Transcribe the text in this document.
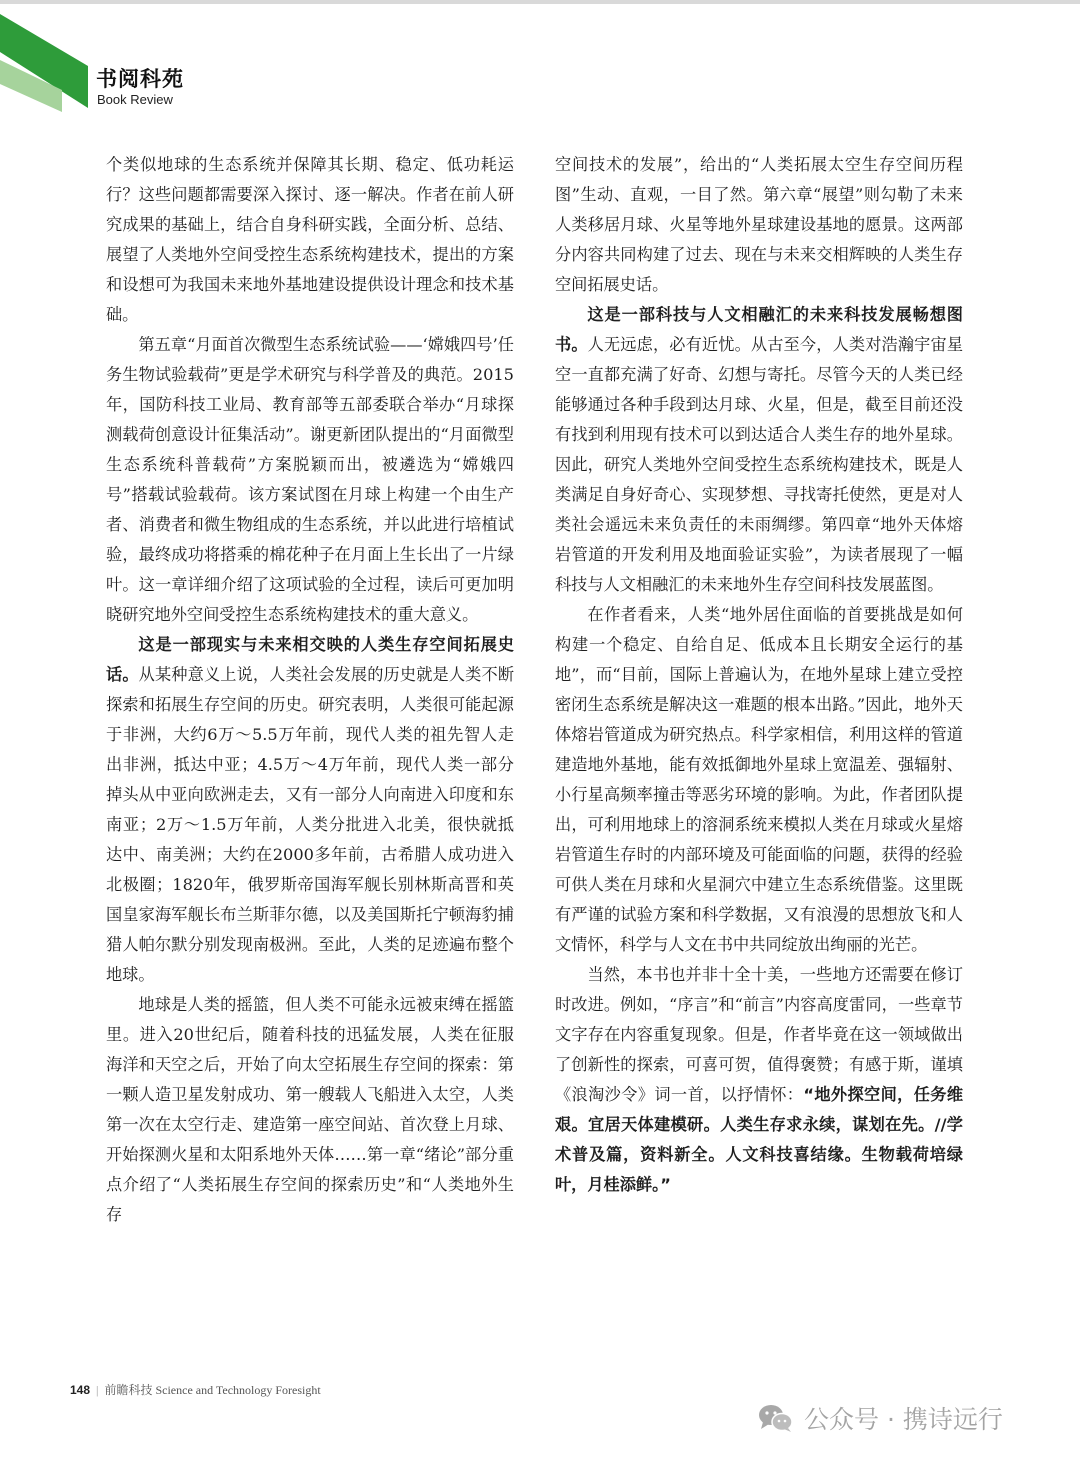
书阅科苑
Book Review

个类似地球的生态系统并保障其长期、稳定、低功耗运行？这些问题都需要深入探讨、逐一解决。作者在前人研究成果的基础上，结合自身科研实践，全面分析、总结、展望了人类地外空间受控生态系统构建技术，提出的方案和设想可为我国未来地外基地建设提供设计理念和技术基础。

第五章“月面首次微型生态系统试验——‘嫦娥四号’任务生物试验载荷”更是学术研究与科学普及的典范。2015年，国防科技工业局、教育部等五部委联合举办“月球探测载荷创意设计征集活动”。谢更新团队提出的“月面微型生态系统科普载荷”方案脱颖而出，被遴选为“嫦娥四号”搭载试验载荷。该方案试图在月球上构建一个由生产者、消费者和微生物组成的生态系统，并以此进行培植试验，最终成功将搭乘的棉花种子在月面上生长出了一片绿叶。这一章详细介绍了这项试验的全过程，读后可更加明晓研究地外空间受控生态系统构建技术的重大意义。

这是一部现实与未来相交映的人类生存空间拓展史话。从某种意义上说，人类社会发展的历史就是人类不断探索和拓展生存空间的历史。研究表明，人类很可能起源于非洲，大约6万～5.5万年前，现代人类的祖先智人走出非洲，抵达中亚；4.5万～4万年前，现代人类一部分掉头从中亚向欧洲走去，又有一部分人向南进入印度和东南亚；2万～1.5万年前，人类分批进入北美，很快就抵达中、南美洲；大约在2000多年前，古希腊人成功进入北极圈；1820年，俄罗斯帝国海军舰长别林斯高晋和英国皇家海军舰长布兰斯菲尔德，以及美国斯托宁顿海豹捕猎人帕尔默分别发现南极洲。至此，人类的足迹遍布整个地球。

地球是人类的摇篮，但人类不可能永远被束缚在摇篮里。进入20世纪后，随着科技的迅猛发展，人类在征服海洋和天空之后，开始了向太空拓展生存空间的探索：第一颗人造卫星发射成功、第一艘载人飞船进入太空，人类第一次在太空行走、建造第一座空间站、首次登上月球、开始探测火星和太阳系地外天体……第一章“绪论”部分重点介绍了“人类拓展生存空间的探索历史”和“人类地外生存

空间技术的发展”，给出的“人类拓展太空生存空间历程图”生动、直观，一目了然。第六章“展望”则勾勒了未来人类移居月球、火星等地外星球建设基地的愿景。这两部分内容共同构建了过去、现在与未来交相辉映的人类生存空间拓展史话。

这是一部科技与人文相融汇的未来科技发展畅想图书。人无远虑，必有近忧。从古至今，人类对浩瀚宇宙星空一直都充满了好奇、幻想与寄托。尽管今天的人类已经能够通过各种手段到达月球、火星，但是，截至目前还没有找到利用现有技术可以到达适合人类生存的地外星球。因此，研究人类地外空间受控生态系统构建技术，既是人类满足自身好奇心、实现梦想、寻找寄托使然，更是对人类社会遥远未来负责任的未雨绸缪。第四章“地外天体熔岩管道的开发利用及地面验证实验”，为读者展现了一幅科技与人文相融汇的未来地外生存空间科技发展蓝图。

在作者看来，人类“地外居住面临的首要挑战是如何构建一个稳定、自给自足、低成本且长期安全运行的基地”，而“目前，国际上普遍认为，在地外星球上建立受控密闭生态系统是解决这一难题的根本出路。”因此，地外天体熔岩管道成为研究热点。科学家相信，利用这样的管道建造地外基地，能有效抵御地外星球上宽温差、强辐射、小行星高频率撞击等恶劣环境的影响。为此，作者团队提出，可利用地球上的溶洞系统来模拟人类在月球或火星熔岩管道生存时的内部环境及可能面临的问题，获得的经验可供人类在月球和火星洞穴中建立生态系统借鉴。这里既有严谨的试验方案和科学数据，又有浪漫的思想放飞和人文情怀，科学与人文在书中共同绽放出绚丽的光芒。

当然，本书也并非十全十美，一些地方还需要在修订时改进。例如，“序言”和“前言”内容高度雷同，一些章节文字存在内容重复现象。但是，作者毕竟在这一领域做出了创新性的探索，可喜可贺，值得褒赞；有感于斯，谨填《浪淘沙令》词一首，以抒情怀：“地外探空间，任务维艰。宜居天体建模研。人类生存求永续，谋划在先。//学术普及篇，资料新全。人文科技喜结缘。生物载荷培绿叶，月桂添鲜。”

148 | 前瞻科技 Science and Technology Foresight
公众号 · 携诗远行
